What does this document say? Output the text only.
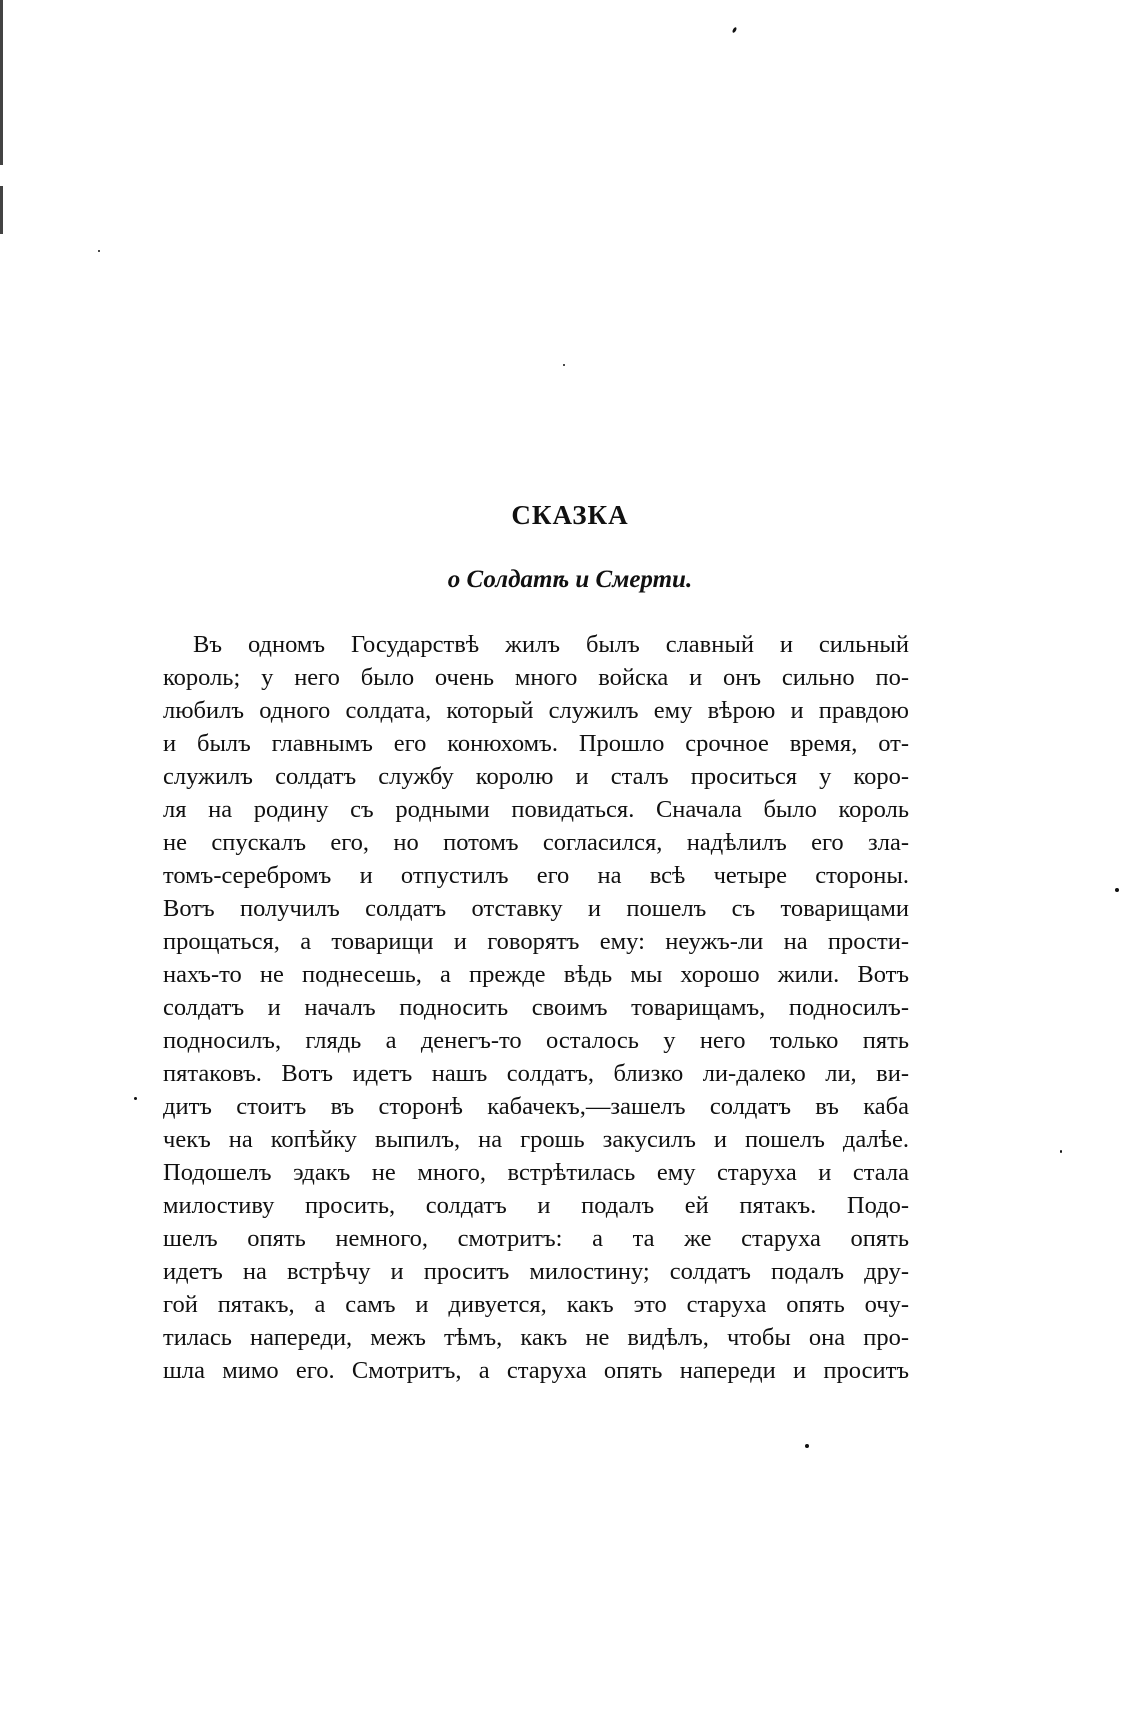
СКАЗКА
о Солдатѣ и Смерти.
Въ одномъ Государствѣ жилъ былъ славный и сильный
король; у него было очень много войска и онъ сильно по-
любилъ одного солдата, который служилъ ему вѣрою и правдою
и былъ главнымъ его конюхомъ. Прошло срочное время, от-
служилъ солдатъ службу королю и сталъ проситься у коро-
ля на родину съ родными повидаться. Сначала было король
не спускалъ его, но потомъ согласился, надѣлилъ его зла-
томъ-серебромъ и отпустилъ его на всѣ четыре стороны.
Вотъ получилъ солдатъ отставку и пошелъ съ товарищами
прощаться, а товарищи и говорятъ ему: неужъ-ли на прости-
нахъ-то не поднесешь, а прежде вѣдь мы хорошо жили. Вотъ
солдатъ и началъ подносить своимъ товарищамъ, подносилъ-
подносилъ, глядь а денегъ-то осталось у него только пять
пятаковъ. Вотъ идетъ нашъ солдатъ, близко ли-далеко ли, ви-
дитъ стоитъ въ сторонѣ кабачекъ,—зашелъ солдатъ въ каба
чекъ на копѣйку выпилъ, на грошь закусилъ и пошелъ далѣе.
Подошелъ эдакъ не много, встрѣтилась ему старуха и стала
милостиву просить, солдатъ и подалъ ей пятакъ. Подо-
шелъ опять немного, смотритъ: а та же старуха опять
идетъ на встрѣчу и проситъ милостину; солдатъ подалъ дру-
гой пятакъ, а самъ и дивуется, какъ это старуха опять очу-
тилась напереди, межъ тѣмъ, какъ не видѣлъ, чтобы она про-
шла мимо его. Смотритъ, а старуха опять напереди и проситъ
